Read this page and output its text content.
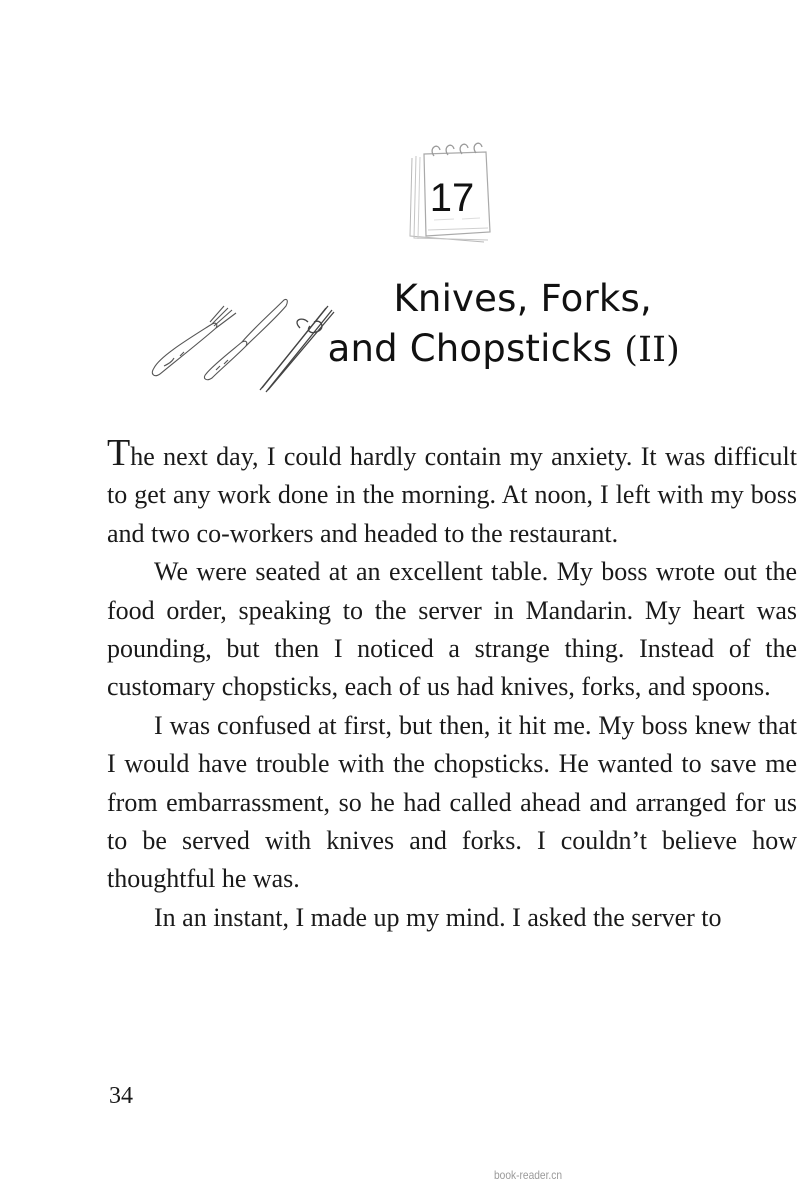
17
Knives, Forks,
and Chopsticks (II)

The next day, I could hardly contain my anxiety. It was difficult to get any work done in the morning. At noon, I left with my boss and two co-workers and headed to the restaurant.

We were seated at an excellent table. My boss wrote out the food order, speaking to the server in Mandarin. My heart was pounding, but then I noticed a strange thing. Instead of the customary chopsticks, each of us had knives, forks, and spoons.

I was confused at first, but then, it hit me. My boss knew that I would have trouble with the chopsticks. He wanted to save me from embarrassment, so he had called ahead and arranged for us to be served with knives and forks. I couldn’t believe how thoughtful he was.

In an instant, I made up my mind. I asked the server to

34
book-reader.cn
